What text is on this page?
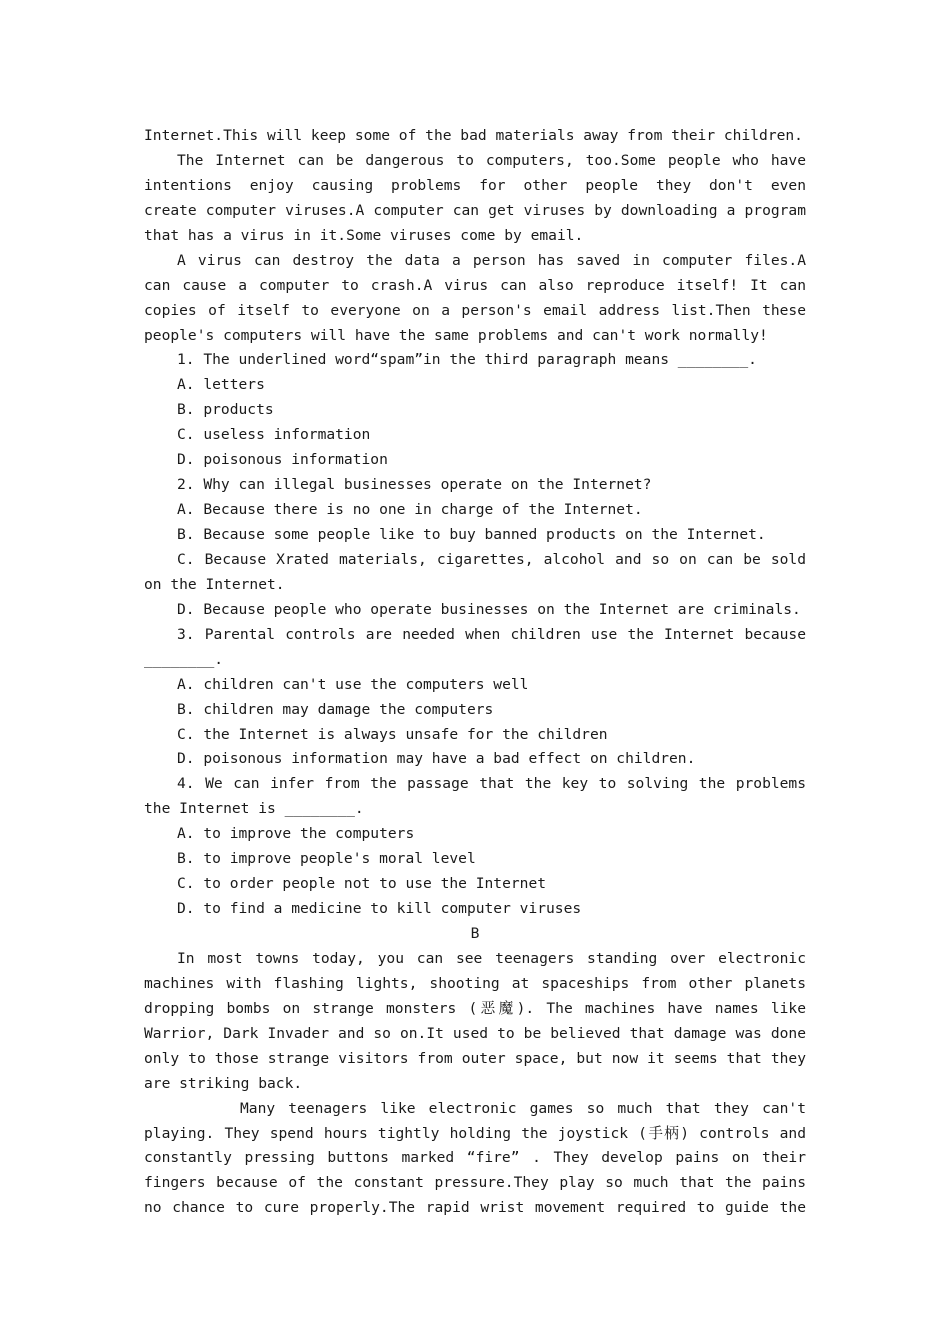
Internet.This will keep some of the bad materials away from their children.
The Internet can be dangerous to computers, too.Some people who have
intentions enjoy causing problems for other people they don't even
create computer viruses.A computer can get viruses by downloading a program
that has a virus in it.Some viruses come by email.
A virus can destroy the data a person has saved in computer files.A
can cause a computer to crash.A virus can also reproduce itself! It can
copies of itself to everyone on a person's email address list.Then these
people's computers will have the same problems and can't work normally!
1. The underlined word“spam”in the third paragraph means ________.
A. letters
B. products
C. useless information
D. poisonous information
2. Why can illegal businesses operate on the Internet?
A. Because there is no one in charge of the Internet.
B. Because some people like to buy banned products on the Internet.
C. Because Xrated materials, cigarettes, alcohol and so on can be sold
on the Internet.
D. Because people who operate businesses on the Internet are criminals.
3. Parental controls are needed when children use the Internet because
________.
A. children can't use the computers well
B. children may damage the computers
C. the Internet is always unsafe for the children
D. poisonous information may have a bad effect on children.
4. We can infer from the passage that the key to solving the problems
the Internet is ________.
A. to improve the computers
B. to improve people's moral level
C. to order people not to use the Internet
D. to find a medicine to kill computer viruses
B
In most towns today, you can see teenagers standing over electronic
machines with flashing lights, shooting at spaceships from other planets
dropping bombs on strange monsters (恶魔). The machines have names like
Warrior, Dark Invader and so on.It used to be believed that damage was done
only to those strange visitors from outer space, but now it seems that they
are striking back.
Many teenagers like electronic games so much that they can't
playing. They spend hours tightly holding the joystick (手柄) controls and
constantly pressing buttons marked “fire” . They develop pains on their
fingers because of the constant pressure.They play so much that the pains
no chance to cure properly.The rapid wrist movement required to guide the
